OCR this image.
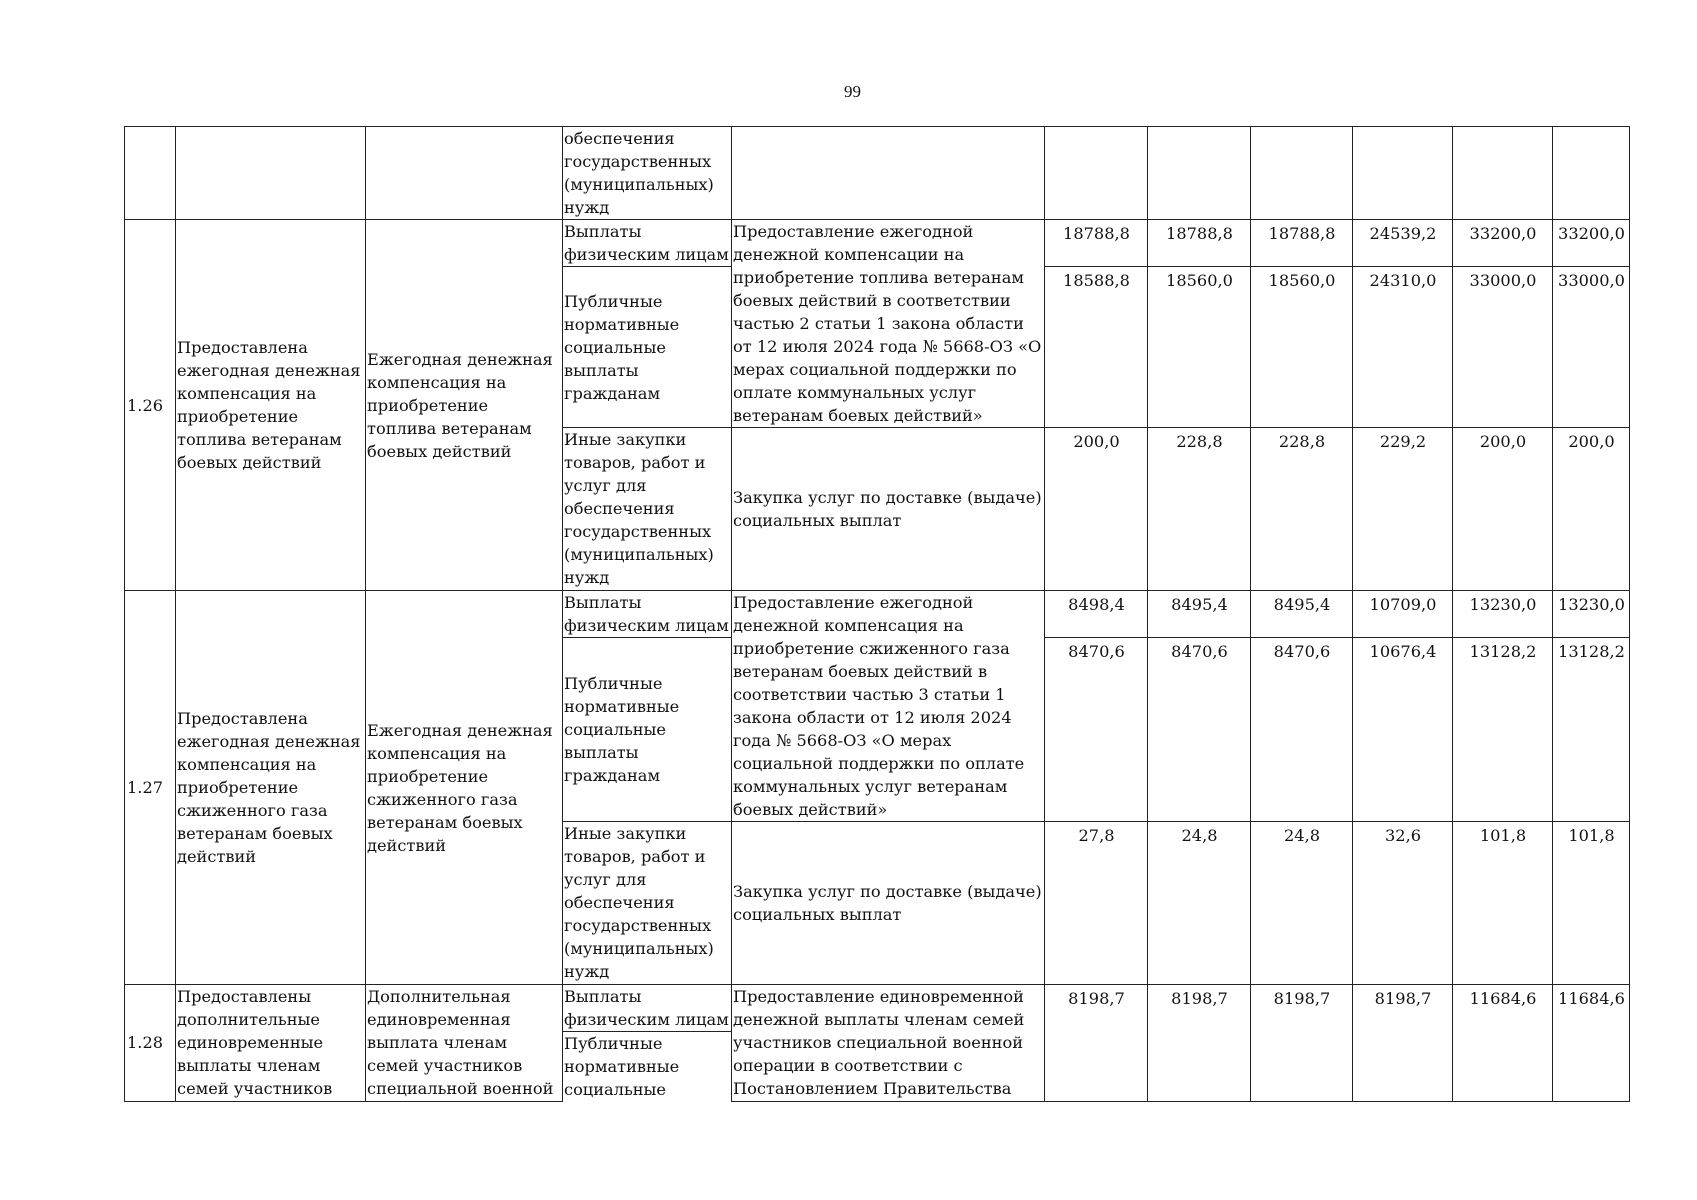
99
			обеспечения государственных (муниципальных) нужд							
1.26	Предоставлена ежегодная денежная компенсация на приобретение топлива ветеранам боевых действий	Ежегодная денежная компенсация на приобретение топлива ветеранам боевых действий	Выплаты физическим лицам	Предоставление ежегодной денежной компенсации на приобретение топлива ветеранам боевых действий в соответствии частью 2 статьи 1 закона области от 12 июля 2024 года № 5668-ОЗ «О мерах социальной поддержки по оплате коммунальных услуг ветеранам боевых действий»	18788,8	18788,8	18788,8	24539,2	33200,0	33200,0
			Публичные нормативные социальные выплаты гражданам		18588,8	18560,0	18560,0	24310,0	33000,0	33000,0
			Иные закупки товаров, работ и услуг для обеспечения государственных (муниципальных) нужд	Закупка услуг по доставке (выдаче) социальных выплат	200,0	228,8	228,8	229,2	200,0	200,0
1.27	Предоставлена ежегодная денежная компенсация на приобретение сжиженного газа ветеранам боевых действий	Ежегодная денежная компенсация на приобретение сжиженного газа ветеранам боевых действий	Выплаты физическим лицам	Предоставление ежегодной денежной компенсация на приобретение сжиженного газа ветеранам боевых действий в соответствии частью 3 статьи 1 закона области от 12 июля 2024 года № 5668-ОЗ «О мерах социальной поддержки по оплате коммунальных услуг ветеранам боевых действий»	8498,4	8495,4	8495,4	10709,0	13230,0	13230,0
			Публичные нормативные социальные выплаты гражданам		8470,6	8470,6	8470,6	10676,4	13128,2	13128,2
			Иные закупки товаров, работ и услуг для обеспечения государственных (муниципальных) нужд	Закупка услуг по доставке (выдаче) социальных выплат	27,8	24,8	24,8	32,6	101,8	101,8
1.28	Предоставлены дополнительные единовременные выплаты членам семей участников	Дополнительная единовременная выплата членам семей участников специальной военной	Выплаты физическим лицам	Предоставление единовременной денежной выплаты членам семей участников специальной военной операции в соответствии с Постановлением Правительства	8198,7	8198,7	8198,7	8198,7	11684,6	11684,6
			Публичные нормативные социальные							
